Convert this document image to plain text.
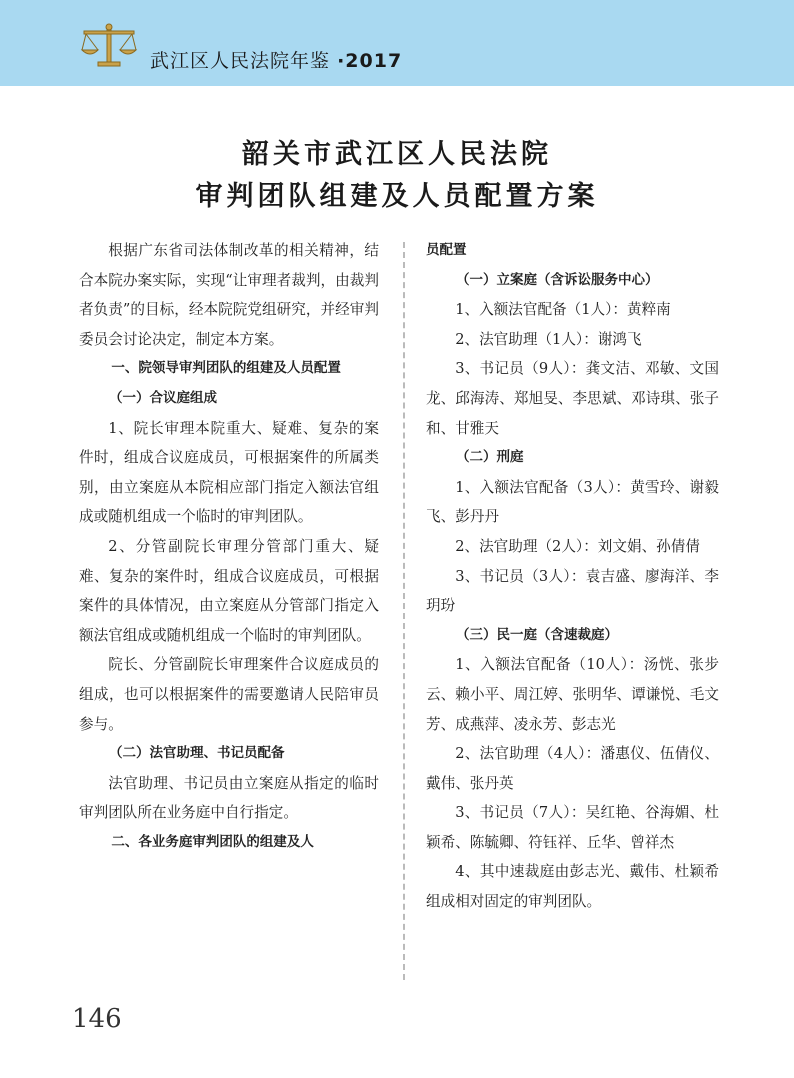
武江区人民法院年鉴 ·2017
韶关市武江区人民法院
审判团队组建及人员配置方案

根据广东省司法体制改革的相关精神，结合本院办案实际，实现“让审理者裁判，由裁判者负责”的目标，经本院院党组研究，并经审判委员会讨论决定，制定本方案。

一、院领导审判团队的组建及人员配置

（一）合议庭组成

1、院长审理本院重大、疑难、复杂的案件时，组成合议庭成员，可根据案件的所属类别，由立案庭从本院相应部门指定入额法官组成或随机组成一个临时的审判团队。

2、分管副院长审理分管部门重大、疑难、复杂的案件时，组成合议庭成员，可根据案件的具体情况，由立案庭从分管部门指定入额法官组成或随机组成一个临时的审判团队。

院长、分管副院长审理案件合议庭成员的组成，也可以根据案件的需要邀请人民陪审员参与。

（二）法官助理、书记员配备

法官助理、书记员由立案庭从指定的临时审判团队所在业务庭中自行指定。

二、各业务庭审判团队的组建及人

员配置

（一）立案庭（含诉讼服务中心）

1、入额法官配备（1人）：黄粹南

2、法官助理（1人）：谢鸿飞

3、书记员（9人）：龚文洁、邓敏、文国龙、邱海涛、郑旭旻、李思斌、邓诗琪、张子和、甘雅天

（二）刑庭

1、入额法官配备（3人）：黄雪玲、谢毅飞、彭丹丹

2、法官助理（2人）：刘文娟、孙倩倩

3、书记员（3人）：袁吉盛、廖海洋、李玥玢

（三）民一庭（含速裁庭）

1、入额法官配备（10人）：汤恍、张步云、赖小平、周江婷、张明华、谭谦悦、毛文芳、成燕萍、凌永芳、彭志光

2、法官助理（4人）：潘惠仪、伍倩仪、戴伟、张丹英

3、书记员（7人）：吴红艳、谷海媚、杜颖希、陈毓卿、符钰祥、丘华、曾祥杰

4、其中速裁庭由彭志光、戴伟、杜颖希组成相对固定的审判团队。

146
